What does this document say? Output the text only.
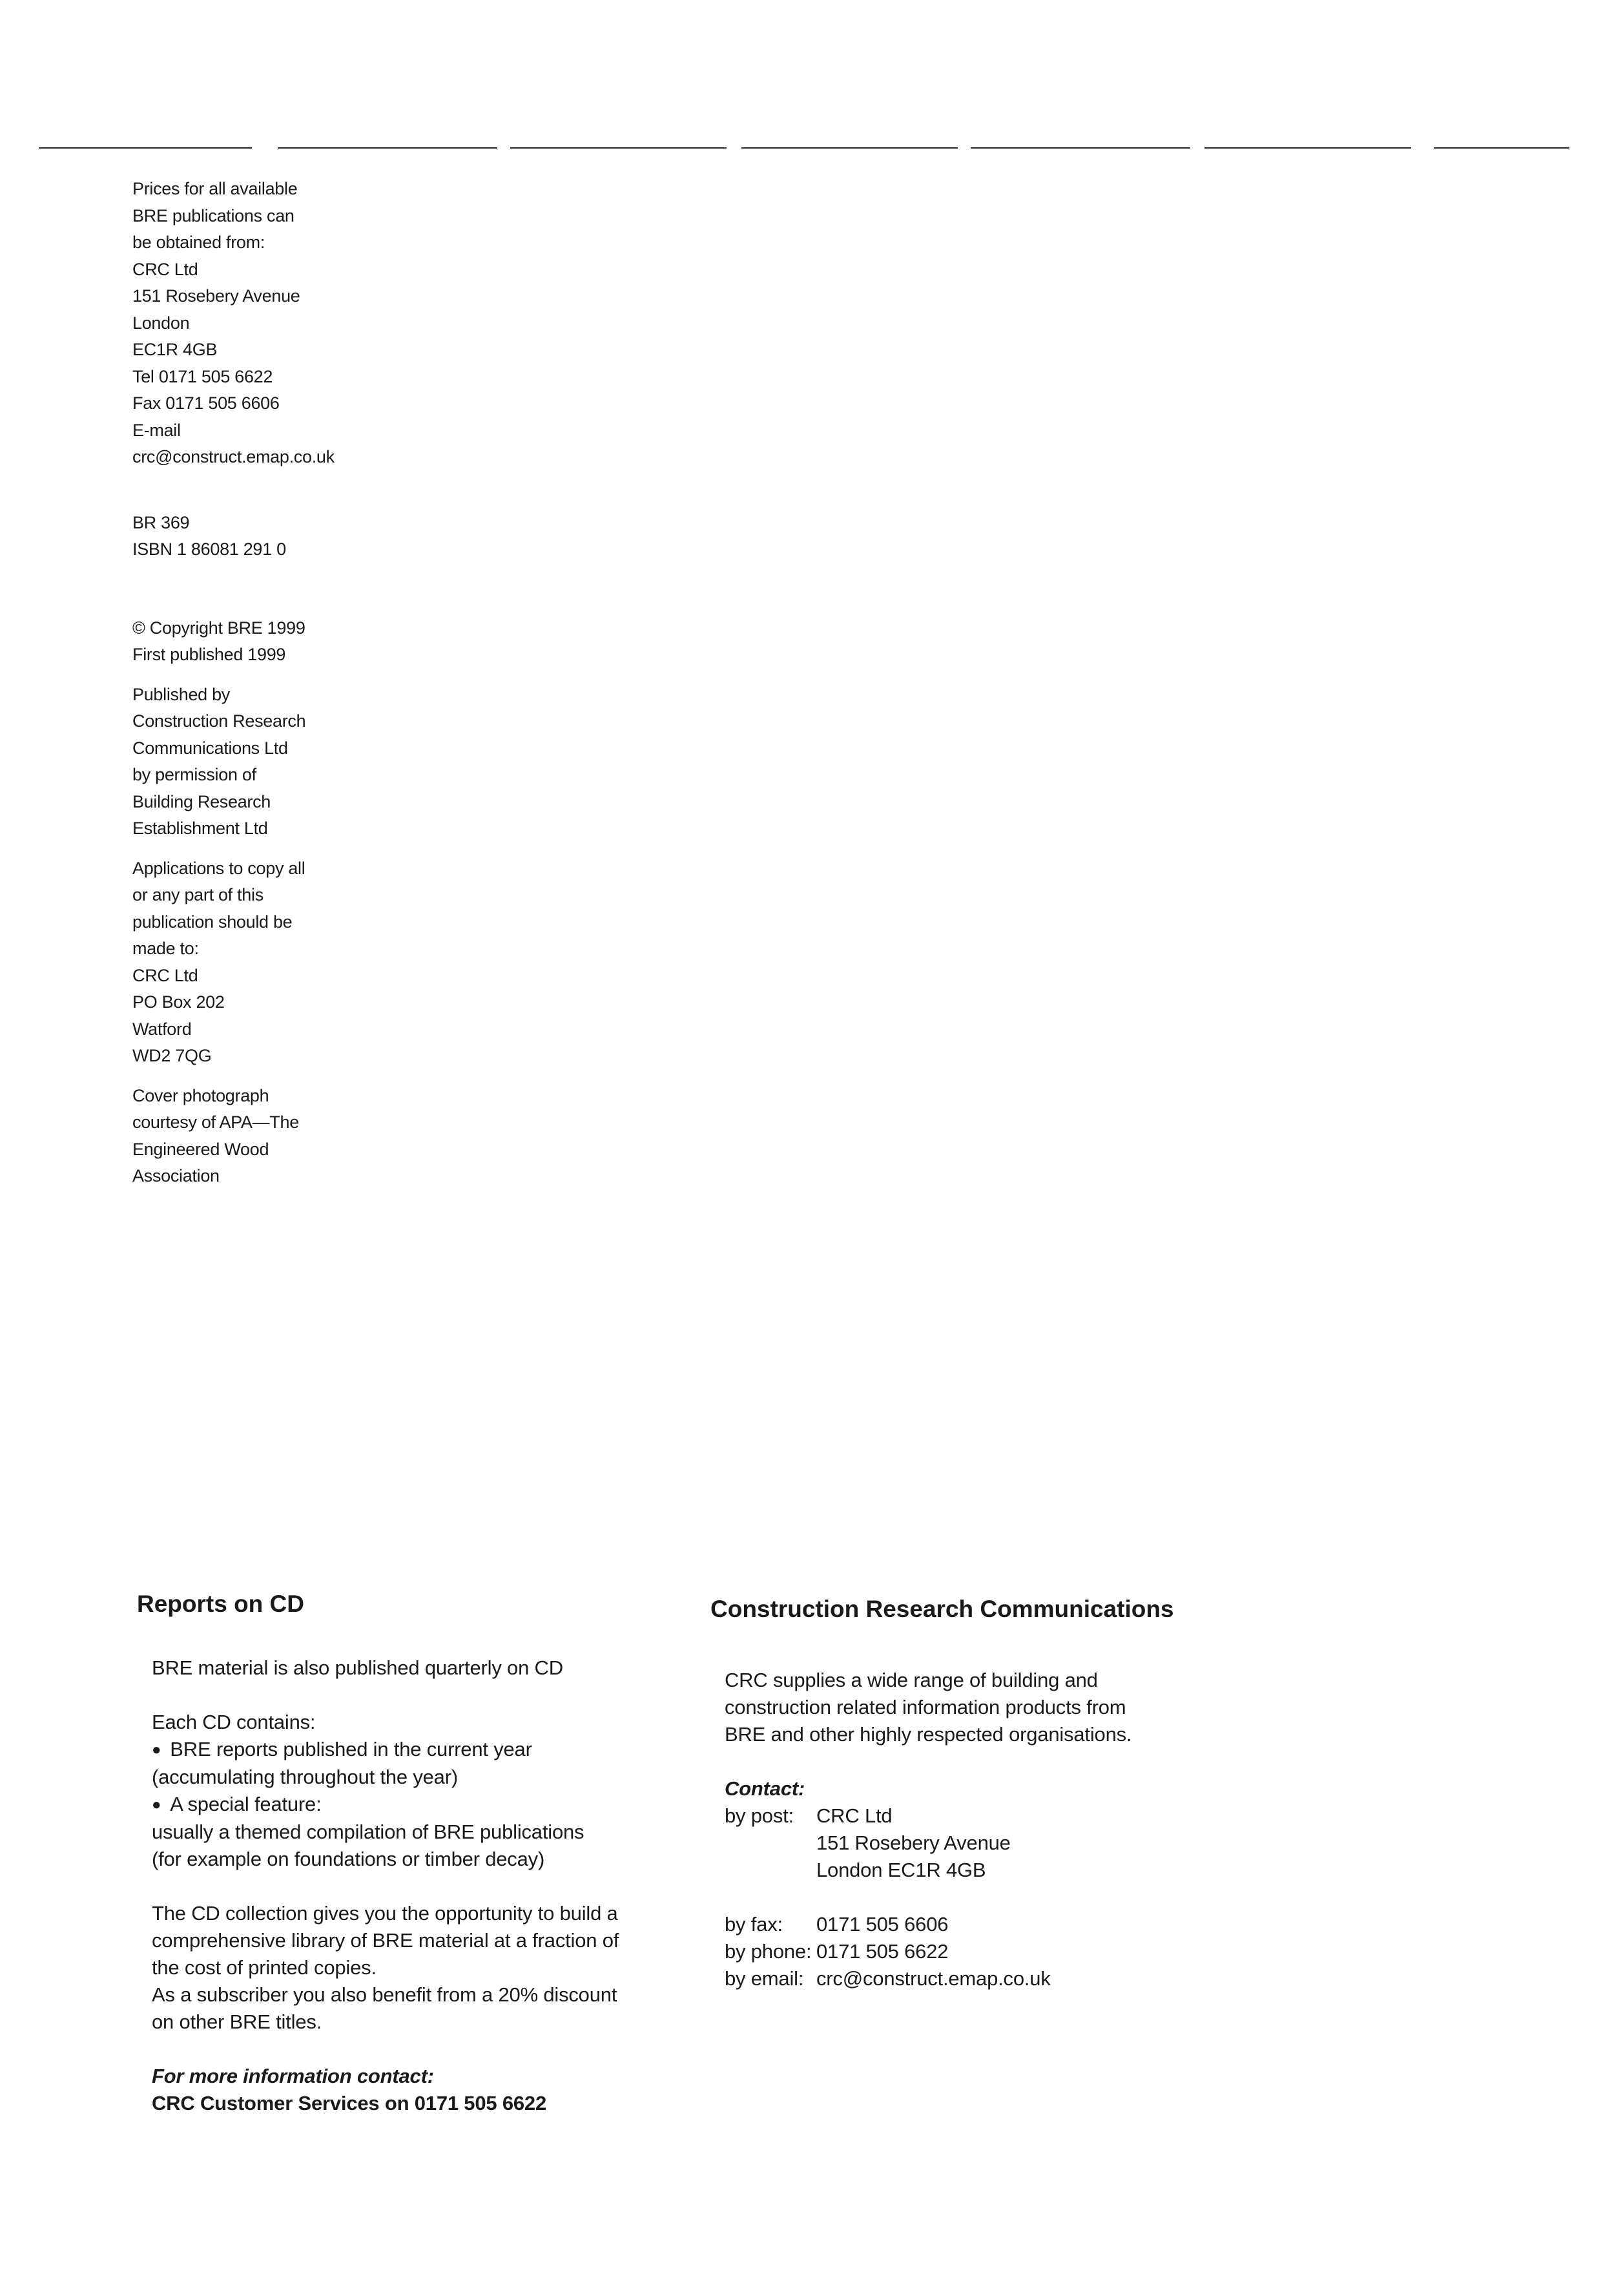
Prices for all available
BRE publications can
be obtained from:
CRC Ltd
151 Rosebery Avenue
London
EC1R 4GB
Tel 0171 505 6622
Fax 0171 505 6606
E-mail
crc@construct.emap.co.uk
BR 369
ISBN 1 86081 291 0
© Copyright BRE 1999
First published 1999
Published by
Construction Research
Communications Ltd
by permission of
Building Research
Establishment Ltd
Applications to copy all
or any part of this
publication should be
made to:
CRC Ltd
PO Box 202
Watford
WD2 7QG
Cover photograph
courtesy of APA—The
Engineered Wood
Association
Reports on CD
BRE material is also published quarterly on CD
Each CD contains:
● BRE reports published in the current year
(accumulating throughout the year)
● A special feature:
usually a themed compilation of BRE publications
(for example on foundations or timber decay)
The CD collection gives you the opportunity to build a
comprehensive library of BRE material at a fraction of
the cost of printed copies.
As a subscriber you also benefit from a 20% discount
on other BRE titles.
For more information contact:
CRC Customer Services on 0171 505 6622
Construction Research Communications
CRC supplies a wide range of building and
construction related information products from
BRE and other highly respected organisations.
Contact:
by post:	CRC Ltd
151 Rosebery Avenue
London EC1R 4GB
by fax:	0171 505 6606
by phone: 0171 505 6622
by email: crc@construct.emap.co.uk
